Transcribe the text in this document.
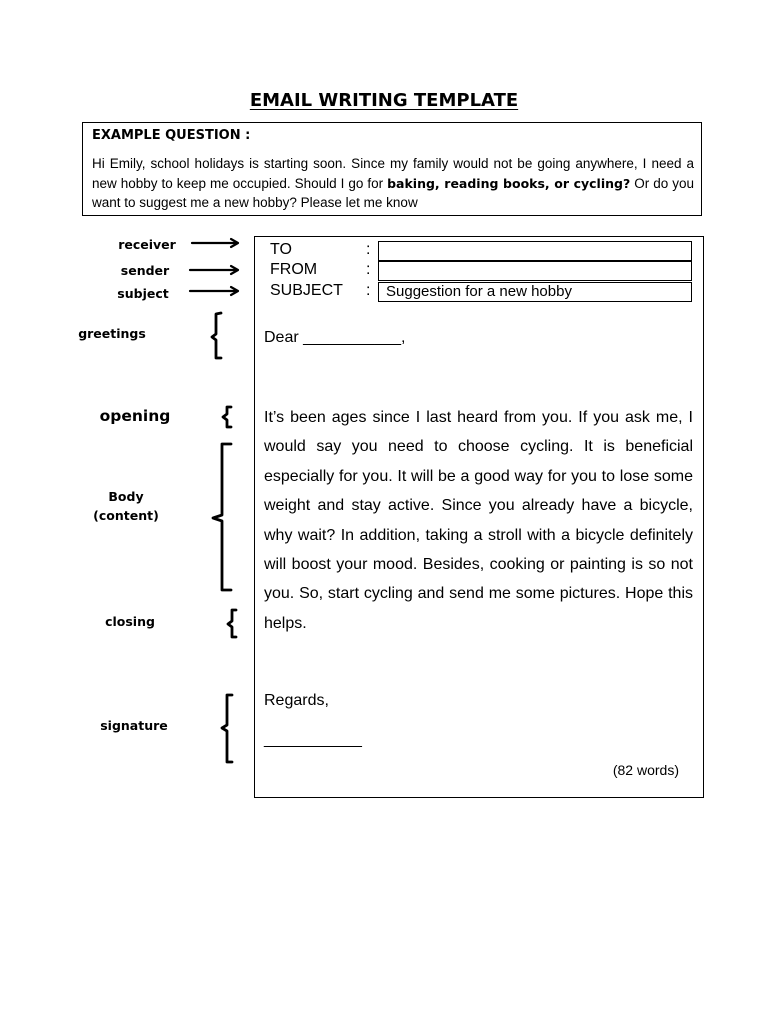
EMAIL WRITING TEMPLATE
EXAMPLE QUESTION :

Hi Emily, school holidays is starting soon. Since my family would not be going anywhere, I need a new hobby to keep me occupied. Should I go for baking, reading books, or cycling? Or do you want to suggest me a new hobby? Please let me know

receiver
sender
subject
greetings
opening
Body
(content)
closing
signature
TO	:
FROM	:
SUBJECT :	Suggestion for a new hobby
Dear ___________,

It’s been ages since I last heard from you. If you ask me, I would say you need to choose cycling. It is beneficial especially for you. It will be a good way for you to lose some weight and stay active. Since you already have a bicycle, why wait? In addition, taking a stroll with a bicycle definitely will boost your mood. Besides, cooking or painting is so not you. So, start cycling and send me some pictures. Hope this helps.

Regards,
___________
(82 words)
